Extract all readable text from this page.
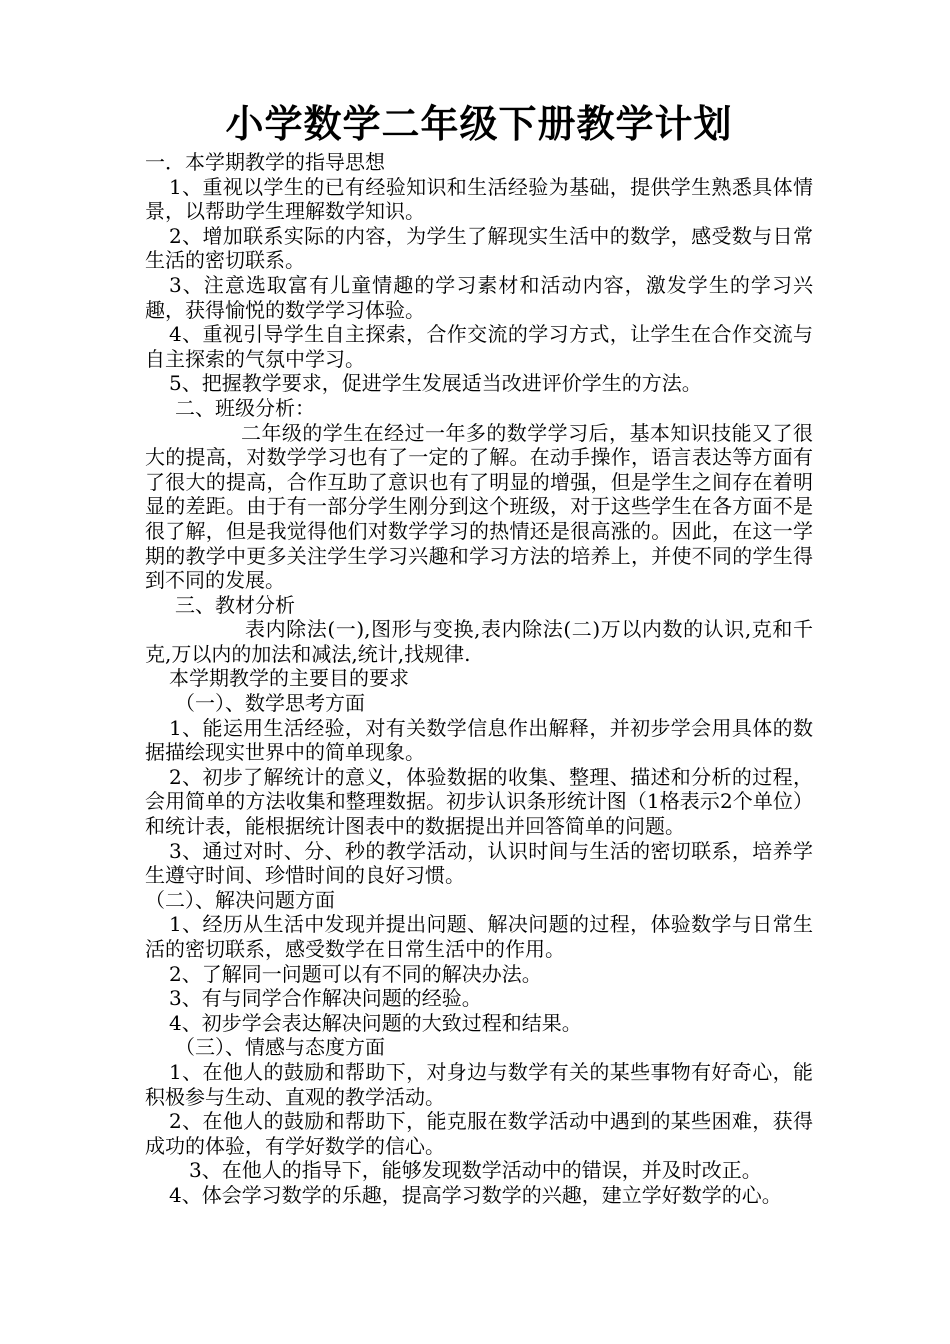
小学数学二年级下册教学计划

一．本学期教学的指导思想

1、重视以学生的已有经验知识和生活经验为基础，提供学生熟悉具体情景，以帮助学生理解数学知识。

2、增加联系实际的内容，为学生了解现实生活中的数学，感受数与日常生活的密切联系。

3、注意选取富有儿童情趣的学习素材和活动内容，激发学生的学习兴趣，获得愉悦的数学学习体验。

4、重视引导学生自主探索，合作交流的学习方式，让学生在合作交流与自主探索的气氛中学习。

5、把握教学要求，促进学生发展适当改进评价学生的方法。

二、班级分析：

二年级的学生在经过一年多的数学学习后，基本知识技能又了很大的提高，对数学学习也有了一定的了解。在动手操作，语言表达等方面有了很大的提高，合作互助了意识也有了明显的增强，但是学生之间存在着明显的差距。由于有一部分学生刚分到这个班级，对于这些学生在各方面不是很了解，但是我觉得他们对数学学习的热情还是很高涨的。因此，在这一学期的教学中更多关注学生学习兴趣和学习方法的培养上，并使不同的学生得到不同的发展。

三、教材分析

表内除法(一),图形与变换,表内除法(二)万以内数的认识,克和千克,万以内的加法和减法,统计,找规律.

本学期教学的主要目的要求

（一）、数学思考方面

1、能运用生活经验，对有关数学信息作出解释，并初步学会用具体的数据描绘现实世界中的简单现象。

2、初步了解统计的意义，体验数据的收集、整理、描述和分析的过程，会用简单的方法收集和整理数据。初步认识条形统计图（1格表示2个单位）和统计表，能根据统计图表中的数据提出并回答简单的问题。

3、通过对时、分、秒的教学活动，认识时间与生活的密切联系，培养学生遵守时间、珍惜时间的良好习惯。

（二）、解决问题方面

1、经历从生活中发现并提出问题、解决问题的过程，体验数学与日常生活的密切联系，感受数学在日常生活中的作用。

2、了解同一问题可以有不同的解决办法。

3、有与同学合作解决问题的经验。

4、初步学会表达解决问题的大致过程和结果。

（三）、情感与态度方面

1、在他人的鼓励和帮助下，对身边与数学有关的某些事物有好奇心，能积极参与生动、直观的教学活动。

2、在他人的鼓励和帮助下，能克服在数学活动中遇到的某些困难，获得成功的体验，有学好数学的信心。

3、在他人的指导下，能够发现数学活动中的错误，并及时改正。

4、体会学习数学的乐趣，提高学习数学的兴趣，建立学好数学的心。
